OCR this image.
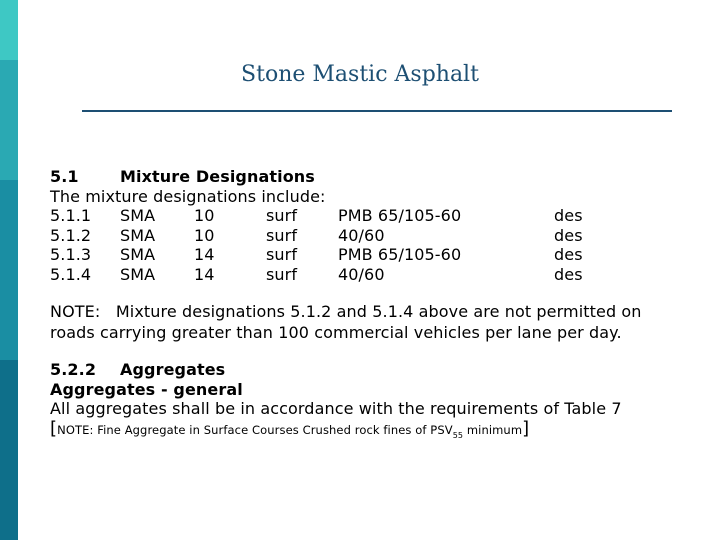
Stone Mastic Asphalt
5.1	Mixture Designations
The mixture designations include:
5.1.1 SMA 10	surf	PMB 65/105-60	des
5.1.2 SMA 10	surf	40/60	des
5.1.3 SMA 14	surf	PMB 65/105-60	des
5.1.4 SMA 14	surf	40/60	des
NOTE: Mixture designations 5.1.2 and 5.1.4 above are not permitted on roads carrying greater than 100 commercial vehicles per lane per day.
5.2.2 Aggregates
Aggregates - general
All aggregates shall be in accordance with the requirements of Table 7
[NOTE: Fine Aggregate in Surface Courses Crushed rock fines of $PSV_{55}$ minimum]
